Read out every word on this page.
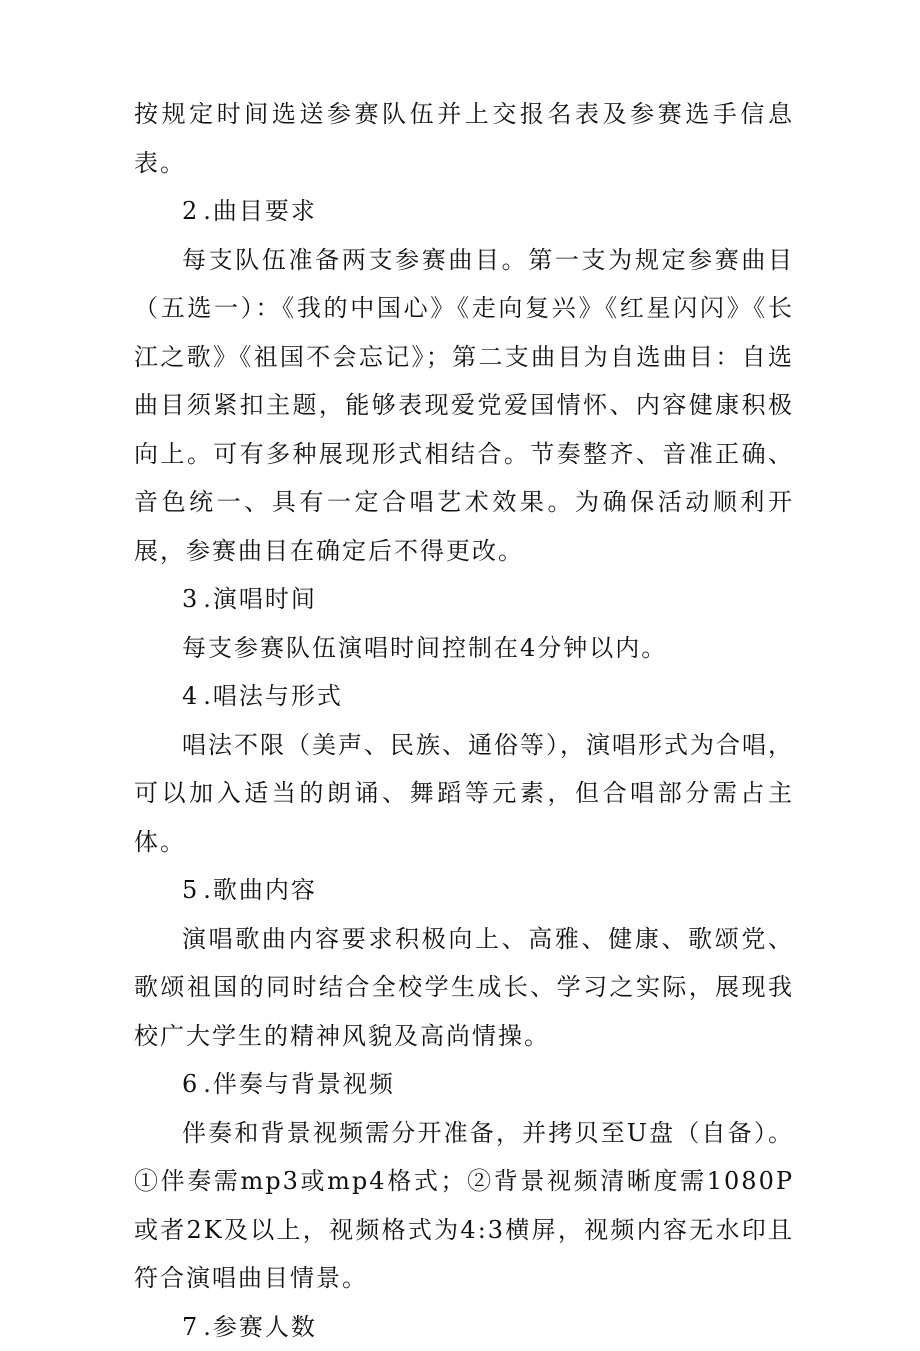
按规定时间选送参赛队伍并上交报名表及参赛选手信息表。

2 .曲目要求

每支队伍准备两支参赛曲目。第一支为规定参赛曲目（五选一）：《我的中国心》《走向复兴》《红星闪闪》《长江之歌》《祖国不会忘记》；第二支曲目为自选曲目：自选曲目须紧扣主题，能够表现爱党爱国情怀、内容健康积极向上。可有多种展现形式相结合。节奏整齐、音准正确、音色统一、具有一定合唱艺术效果。为确保活动顺利开展，参赛曲目在确定后不得更改。

3 .演唱时间

每支参赛队伍演唱时间控制在4分钟以内。

4 .唱法与形式

唱法不限（美声、民族、通俗等），演唱形式为合唱，可以加入适当的朗诵、舞蹈等元素，但合唱部分需占主体。

5 .歌曲内容

演唱歌曲内容要求积极向上、高雅、健康、歌颂党、歌颂祖国的同时结合全校学生成长、学习之实际，展现我校广大学生的精神风貌及高尚情操。

6 .伴奏与背景视频

伴奏和背景视频需分开准备，并拷贝至U盘（自备）。①伴奏需mp3或mp4格式；②背景视频清晰度需1080P或者2K及以上，视频格式为4:3横屏，视频内容无水印且符合演唱曲目情景。

7 .参赛人数
